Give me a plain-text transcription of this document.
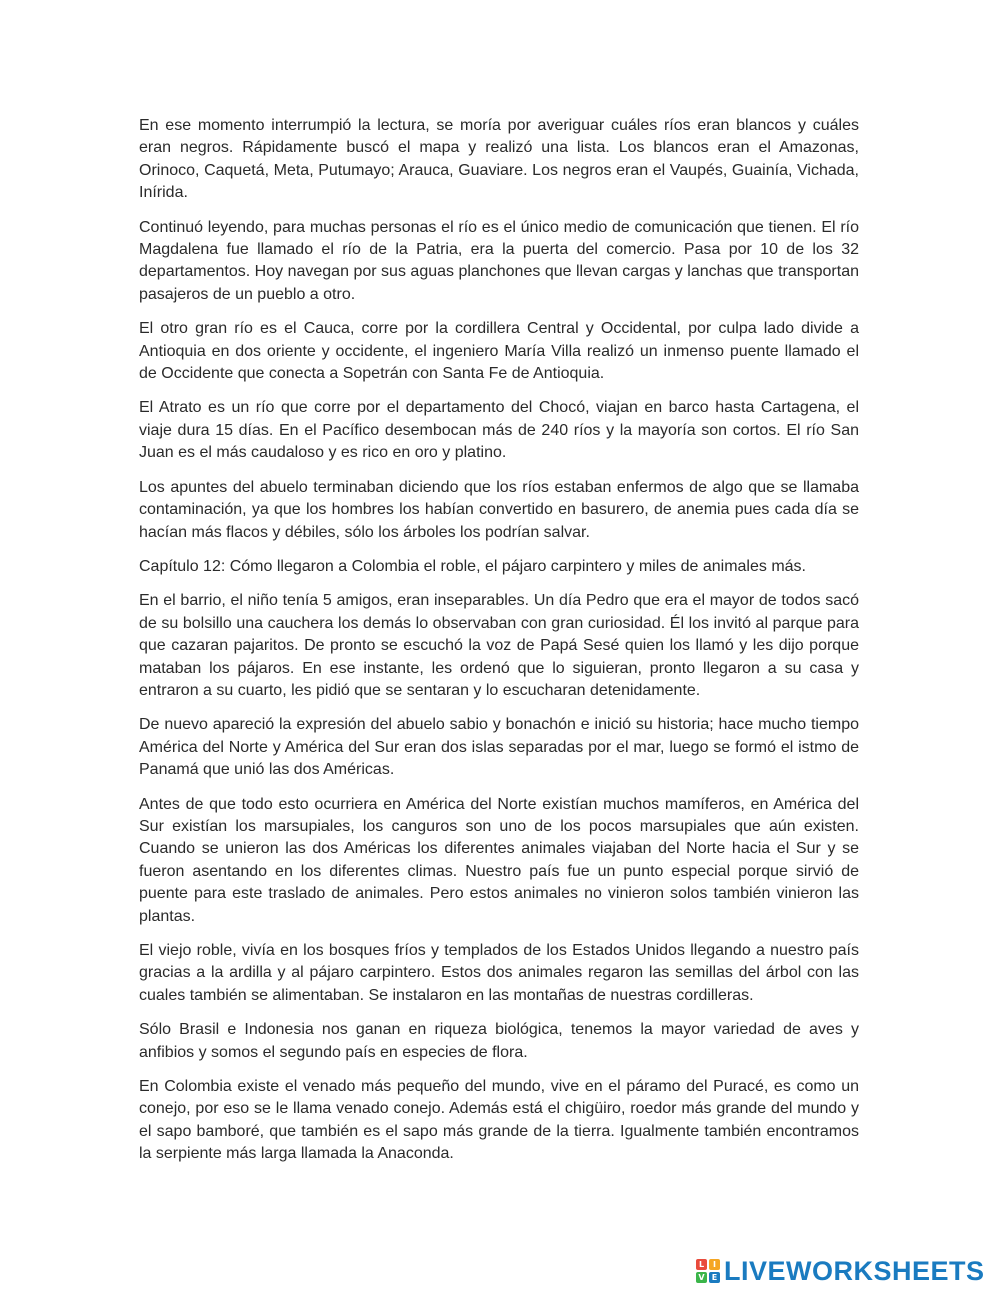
En ese momento interrumpió la lectura, se moría por averiguar cuáles ríos eran blancos y cuáles eran negros. Rápidamente buscó el mapa y realizó una lista. Los blancos eran el Amazonas, Orinoco, Caquetá, Meta, Putumayo; Arauca, Guaviare. Los negros eran el Vaupés, Guainía, Vichada, Inírida.

Continuó leyendo, para muchas personas el río es el único medio de comunicación que tienen. El río Magdalena fue llamado el río de la Patria, era la puerta del comercio. Pasa por 10 de los 32 departamentos. Hoy navegan por sus aguas planchones que llevan cargas y lanchas que transportan pasajeros de un pueblo a otro.

El otro gran río es el Cauca, corre por la cordillera Central y Occidental, por culpa lado divide a Antioquia en dos oriente y occidente, el ingeniero María Villa realizó un inmenso puente llamado el de Occidente que conecta a Sopetrán con Santa Fe de Antioquia.

El Atrato es un río que corre por el departamento del Chocó, viajan en barco hasta Cartagena, el viaje dura 15 días. En el Pacífico desembocan más de 240 ríos y la mayoría son cortos. El río San Juan es el más caudaloso y es rico en oro y platino.

Los apuntes del abuelo terminaban diciendo que los ríos estaban enfermos de algo que se llamaba contaminación, ya que los hombres los habían convertido en basurero, de anemia pues cada día se hacían más flacos y débiles, sólo los árboles los podrían salvar.

Capítulo 12: Cómo llegaron a Colombia el roble, el pájaro carpintero y miles de animales más.

En el barrio, el niño tenía 5 amigos, eran inseparables. Un día Pedro que era el mayor de todos sacó de su bolsillo una cauchera los demás lo observaban con gran curiosidad. Él los invitó al parque para que cazaran pajaritos. De pronto se escuchó la voz de Papá Sesé quien los llamó y les dijo porque mataban los pájaros. En ese instante, les ordenó que lo siguieran, pronto llegaron a su casa y entraron a su cuarto, les pidió que se sentaran y lo escucharan detenidamente.

De nuevo apareció la expresión del abuelo sabio y bonachón e inició su historia; hace mucho tiempo América del Norte y América del Sur eran dos islas separadas por el mar, luego se formó el istmo de Panamá que unió las dos Américas.

Antes de que todo esto ocurriera en América del Norte existían muchos mamíferos, en América del Sur existían los marsupiales, los canguros son uno de los pocos marsupiales que aún existen. Cuando se unieron las dos Américas los diferentes animales viajaban del Norte hacia el Sur y se fueron asentando en los diferentes climas. Nuestro país fue un punto especial porque sirvió de puente para este traslado de animales. Pero estos animales no vinieron solos también vinieron las plantas.

El viejo roble, vivía en los bosques fríos y templados de los Estados Unidos llegando a nuestro país gracias a la ardilla y al pájaro carpintero. Estos dos animales regaron las semillas del árbol con las cuales también se alimentaban. Se instalaron en las montañas de nuestras cordilleras.

Sólo Brasil e Indonesia nos ganan en riqueza biológica, tenemos la mayor variedad de aves y anfibios y somos el segundo país en especies de flora.

En Colombia existe el venado más pequeño del mundo, vive en el páramo del Puracé, es como un conejo, por eso se le llama venado conejo. Además está el chigüiro, roedor más grande del mundo y el sapo bamboré, que también es el sapo más grande de la tierra. Igualmente también encontramos la serpiente más larga llamada la Anaconda.

L	I
V E LIVEWORKSHEETS
